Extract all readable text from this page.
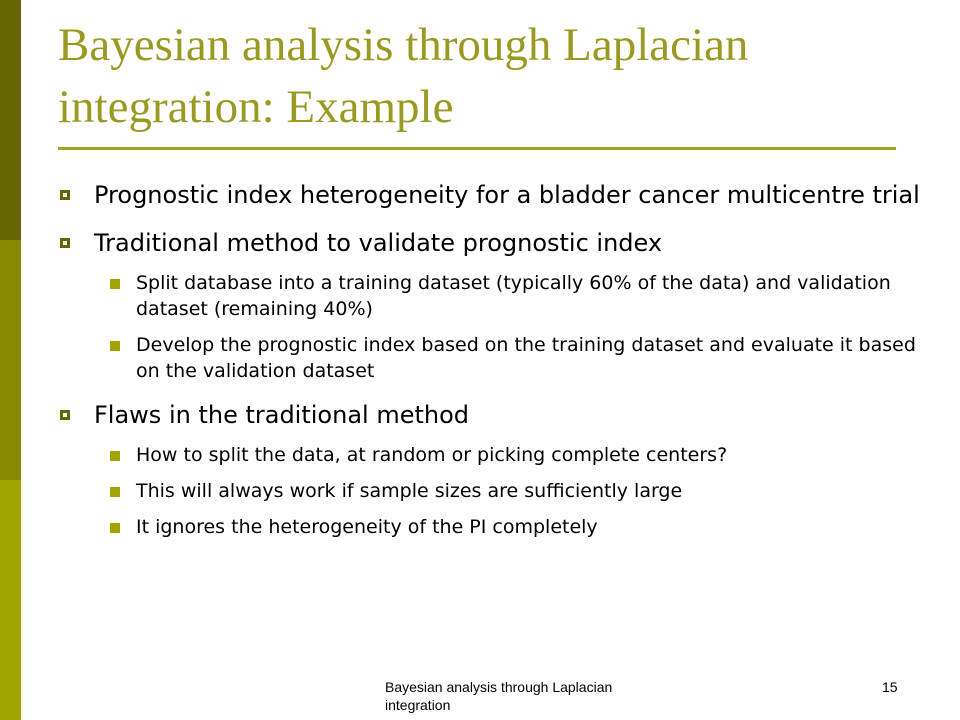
Bayesian analysis through Laplacian integration: Example
Prognostic index heterogeneity for a bladder cancer multicentre trial
Traditional method to validate prognostic index
Split database into a training dataset (typically 60% of the data) and validation dataset (remaining 40%)
Develop the prognostic index based on the training dataset and evaluate it based on the validation dataset
Flaws in the traditional method
How to split the data, at random or picking complete centers?
This will always work if sample sizes are sufficiently large
It ignores the heterogeneity of the PI completely
Bayesian analysis through Laplacian integration
15
